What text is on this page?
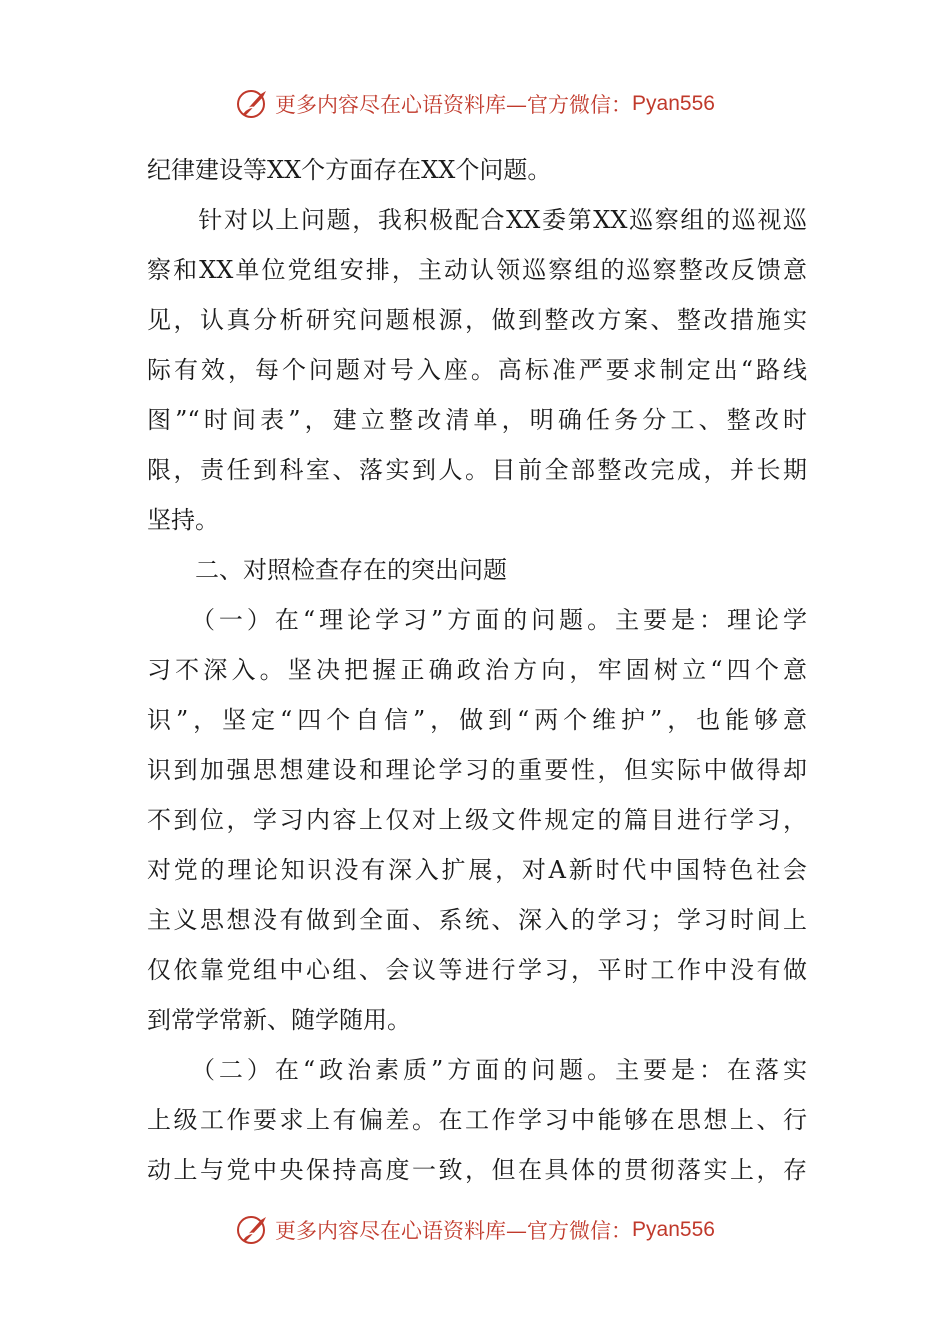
更多内容尽在心语资料库—官方微信： Pyan556
纪律建设等XX个方面存在XX个问题。
　　针对以上问题，我积极配合XX委第XX巡察组的巡视巡
察和XX单位党组安排，主动认领巡察组的巡察整改反馈意
见，认真分析研究问题根源，做到整改方案、整改措施实
际有效，每个问题对号入座。高标准严要求制定出“路线
图”“时间表”，建立整改清单，明确任务分工、整改时
限，责任到科室、落实到人。目前全部整改完成，并长期
坚持。
　　二、对照检查存在的突出问题
　　（一）在“理论学习”方面的问题。主要是：理论学
习不深入。坚决把握正确政治方向，牢固树立“四个意
识”，坚定“四个自信”，做到“两个维护”，也能够意
识到加强思想建设和理论学习的重要性，但实际中做得却
不到位，学习内容上仅对上级文件规定的篇目进行学习，
对党的理论知识没有深入扩展，对A新时代中国特色社会
主义思想没有做到全面、系统、深入的学习；学习时间上
仅依靠党组中心组、会议等进行学习，平时工作中没有做
到常学常新、随学随用。
　　（二）在“政治素质”方面的问题。主要是：在落实
上级工作要求上有偏差。在工作学习中能够在思想上、行
动上与党中央保持高度一致，但在具体的贯彻落实上，存
更多内容尽在心语资料库—官方微信： Pyan556
